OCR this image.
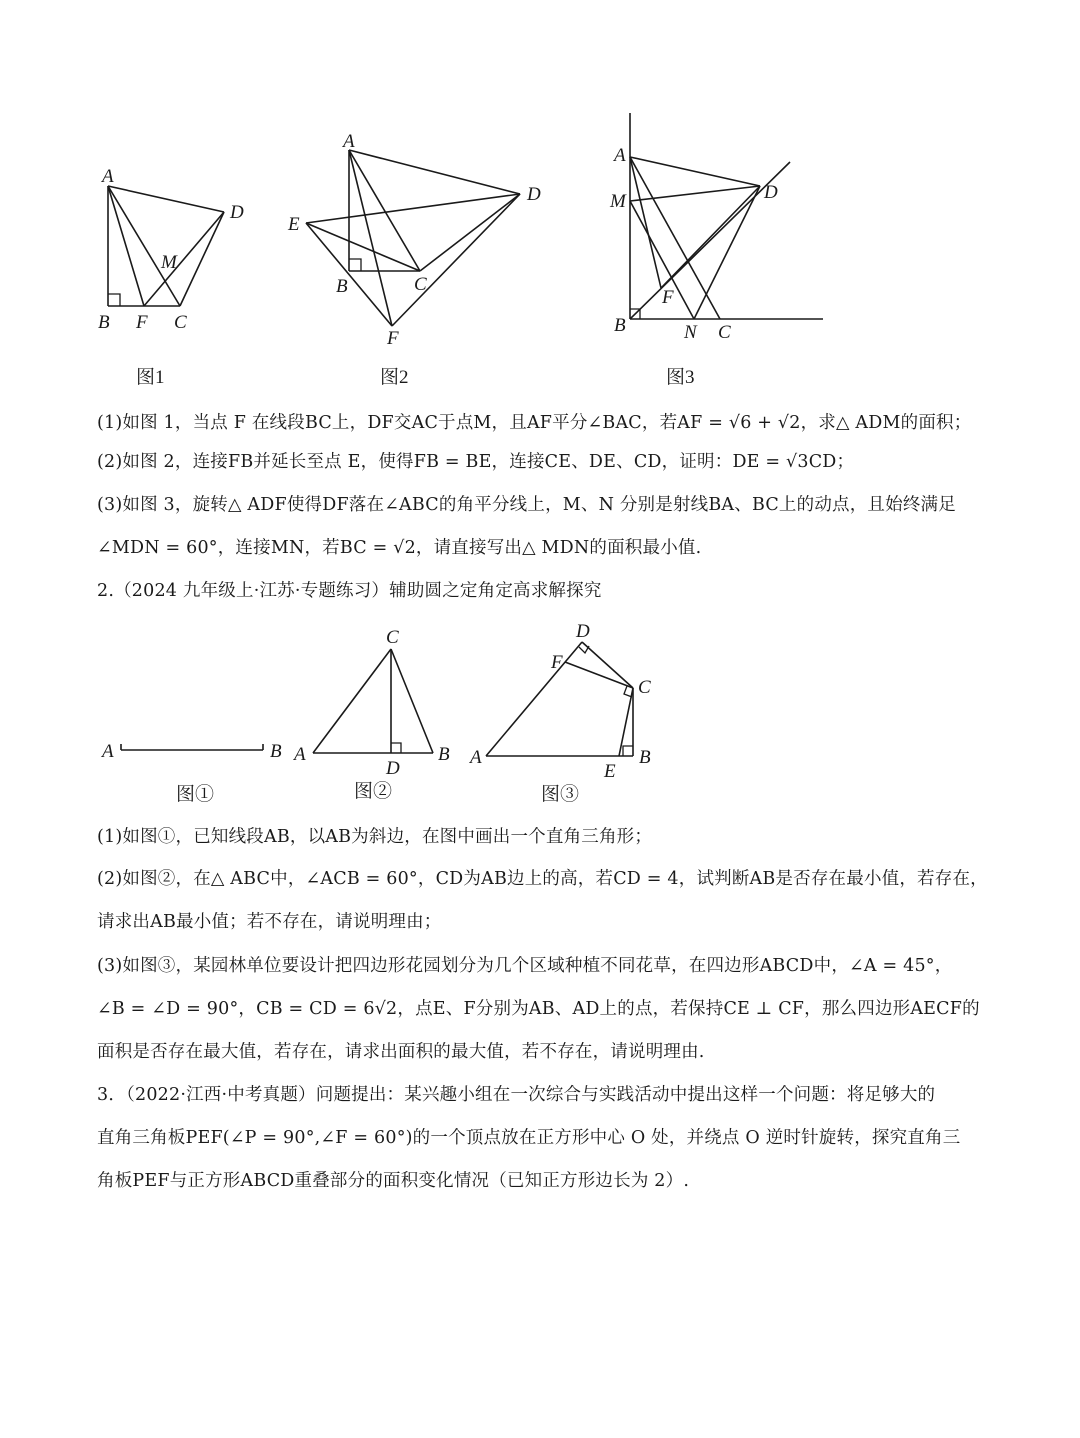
A
B F C
D
M
图1
A
B	C
D
E
F
图2
A
M	D
F
B	N C
图3
A	B
图①
A	B
C
D
图②
A	B
C
D
E
F
图③
(1)如图 1，当点 F 在线段BC上，DF交AC于点M，且AF平分∠BAC，若AF = √6 + √2，求△ ADM的面积；
(2)如图 2，连接FB并延长至点 E，使得FB = BE，连接CE、DE、CD，证明：DE = √3CD；
(3)如图 3，旋转△ ADF使得DF落在∠ABC的角平分线上，M、N 分别是射线BA、BC上的动点，且始终满足
∠MDN = 60°，连接MN，若BC = √2，请直接写出△ MDN的面积最小值.
2.（2024 九年级上·江苏·专题练习）辅助圆之定角定高求解探究
(1)如图①，已知线段AB，以AB为斜边，在图中画出一个直角三角形；
(2)如图②，在△ ABC中，∠ACB = 60°，CD为AB边上的高，若CD = 4，试判断AB是否存在最小值，若存在，
请求出AB最小值；若不存在，请说明理由；
(3)如图③，某园林单位要设计把四边形花园划分为几个区域种植不同花草，在四边形ABCD中，∠A = 45°，
∠B = ∠D = 90°，CB = CD = 6√2，点E、F分别为AB、AD上的点，若保持CE ⊥ CF，那么四边形AECF的
面积是否存在最大值，若存在，请求出面积的最大值，若不存在，请说明理由.
3．（2022·江西·中考真题）问题提出：某兴趣小组在一次综合与实践活动中提出这样一个问题：将足够大的
直角三角板PEF(∠P = 90°,∠F = 60°)的一个顶点放在正方形中心 O 处，并绕点 O 逆时针旋转，探究直角三
角板PEF与正方形ABCD重叠部分的面积变化情况（已知正方形边长为 2）.
